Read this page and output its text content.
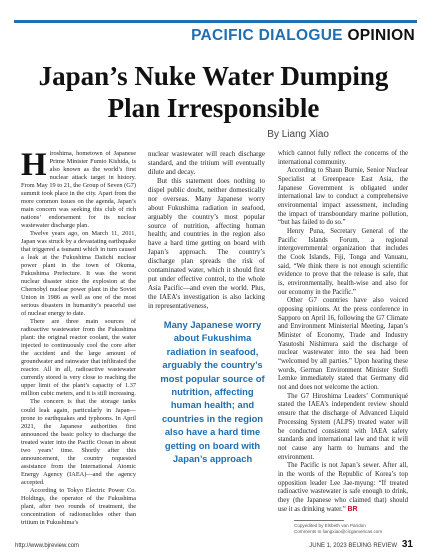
PACIFIC DIALOGUE OPINION
Japan’s Nuke Water Dumping
Plan Irresponsible
By Liang Xiao

Hiroshima, hometown of Japanese Prime Minister Fumio Kishida, is also known as the world’s first nuclear attack target in history. From May 19 to 21, the Group of Seven (G7) summit took place in the city. Apart from the more common issues on the agenda, Japan’s main concern was seeking this club of rich nations’ endorsement for its nuclear wastewater discharge plan.

Twelve years ago, on March 11, 2011, Japan was struck by a devastating earthquake that triggered a tsunami which in turn caused a leak at the Fukushima Daiichi nuclear power plant in the town of Okuma, Fukushima Prefecture. It was the worst nuclear disaster since the explosion at the Chernobyl nuclear power plant in the Soviet Union in 1986 as well as one of the most serious disasters in humanity’s peaceful use of nuclear energy to date.

There are three main sources of radioactive wastewater from the Fukushima plant: the original reactor coolant, the water injected to continuously cool the core after the accident and the large amount of groundwater and rainwater that infiltrated the reactor. All in all, radioactive wastewater currently stored is very close to reaching the upper limit of the plant’s capacity of 1.37 million cubic meters, and it is still increasing.

The concern is that the storage tanks could leak again, particularly in Japan—prone to earthquakes and typhoons. In April 2021, the Japanese authorities first announced the basic policy to discharge the treated water into the Pacific Ocean in about two years’ time. Shortly after this announcement, the country requested assistance from the International Atomic Energy Agency (IAEA)—and the agency accepted.

According to Tokyo Electric Power Co. Holdings, the operator of the Fukushima plant, after two rounds of treatment, the concentration of radionuclides other than tritium in Fukushima’s

nuclear wastewater will reach discharge standard, and the tritium will eventually dilute and decay.

But this statement does nothing to dispel public doubt, neither domestically nor overseas. Many Japanese worry about Fukushima radiation in seafood, arguably the country’s most popular source of nutrition, affecting human health; and countries in the region also have a hard time getting on board with Japan’s approach. The country’s discharge plan spreads the risk of contaminated water, which it should first put under effective control, to the whole Asia Pacific—and even the world. Plus, the IAEA’s investigation is also lacking in representativeness,

Many Japanese worry about Fukushima radiation in seafood, arguably the country’s most popular source of nutrition, affecting human health; and countries in the region also have a hard time getting on board with Japan’s approach

which cannot fully reflect the concerns of the international community.

According to Shaun Burnie, Senior Nuclear Specialist at Greenpeace East Asia, the Japanese Government is obligated under international law to conduct a comprehensive environmental impact assessment, including the impact of transboundary marine pollution, “but has failed to do so.”

Henry Puna, Secretary General of the Pacific Islands Forum, a regional intergovernmental organization that includes the Cook Islands, Fiji, Tonga and Vanuatu, said, “We think there is not enough scientific evidence to prove that the release is safe, that is, environmentally, health-wise and also for our economy in the Pacific.”

Other G7 countries have also voiced opposing opinions. At the press conference in Sapporo on April 16, following the G7 Climate and Environment Ministerial Meeting, Japan’s Minister of Economy, Trade and Industry Yasutoshi Nishimura said the discharge of nuclear wastewater into the sea had been “welcomed by all parties.” Upon hearing these words, German Environment Minister Steffi Lemke immediately stated that Germany did not and does not welcome the action.

The G7 Hiroshima Leaders’ Communiqué stated the IAEA’s independent review should ensure that the discharge of Advanced Liquid Processing System (ALPS) treated water will be conducted consistent with IAEA safety standards and international law and that it will not cause any harm to humans and the environment.

The Pacific is not Japan’s sewer. After all, in the words of the Republic of Korea’s top opposition leader Lee Jae-myung: “If treated radioactive wastewater is safe enough to drink, they (the Japanese who claimed that) should use it as drinking water.” BR

Copyedited by Elsbeth van Paridon
Comments to liangxiao@cicgamericas.com
http://www.bjreview.com	JUNE 1, 2023 BEIJING REVIEW 31
